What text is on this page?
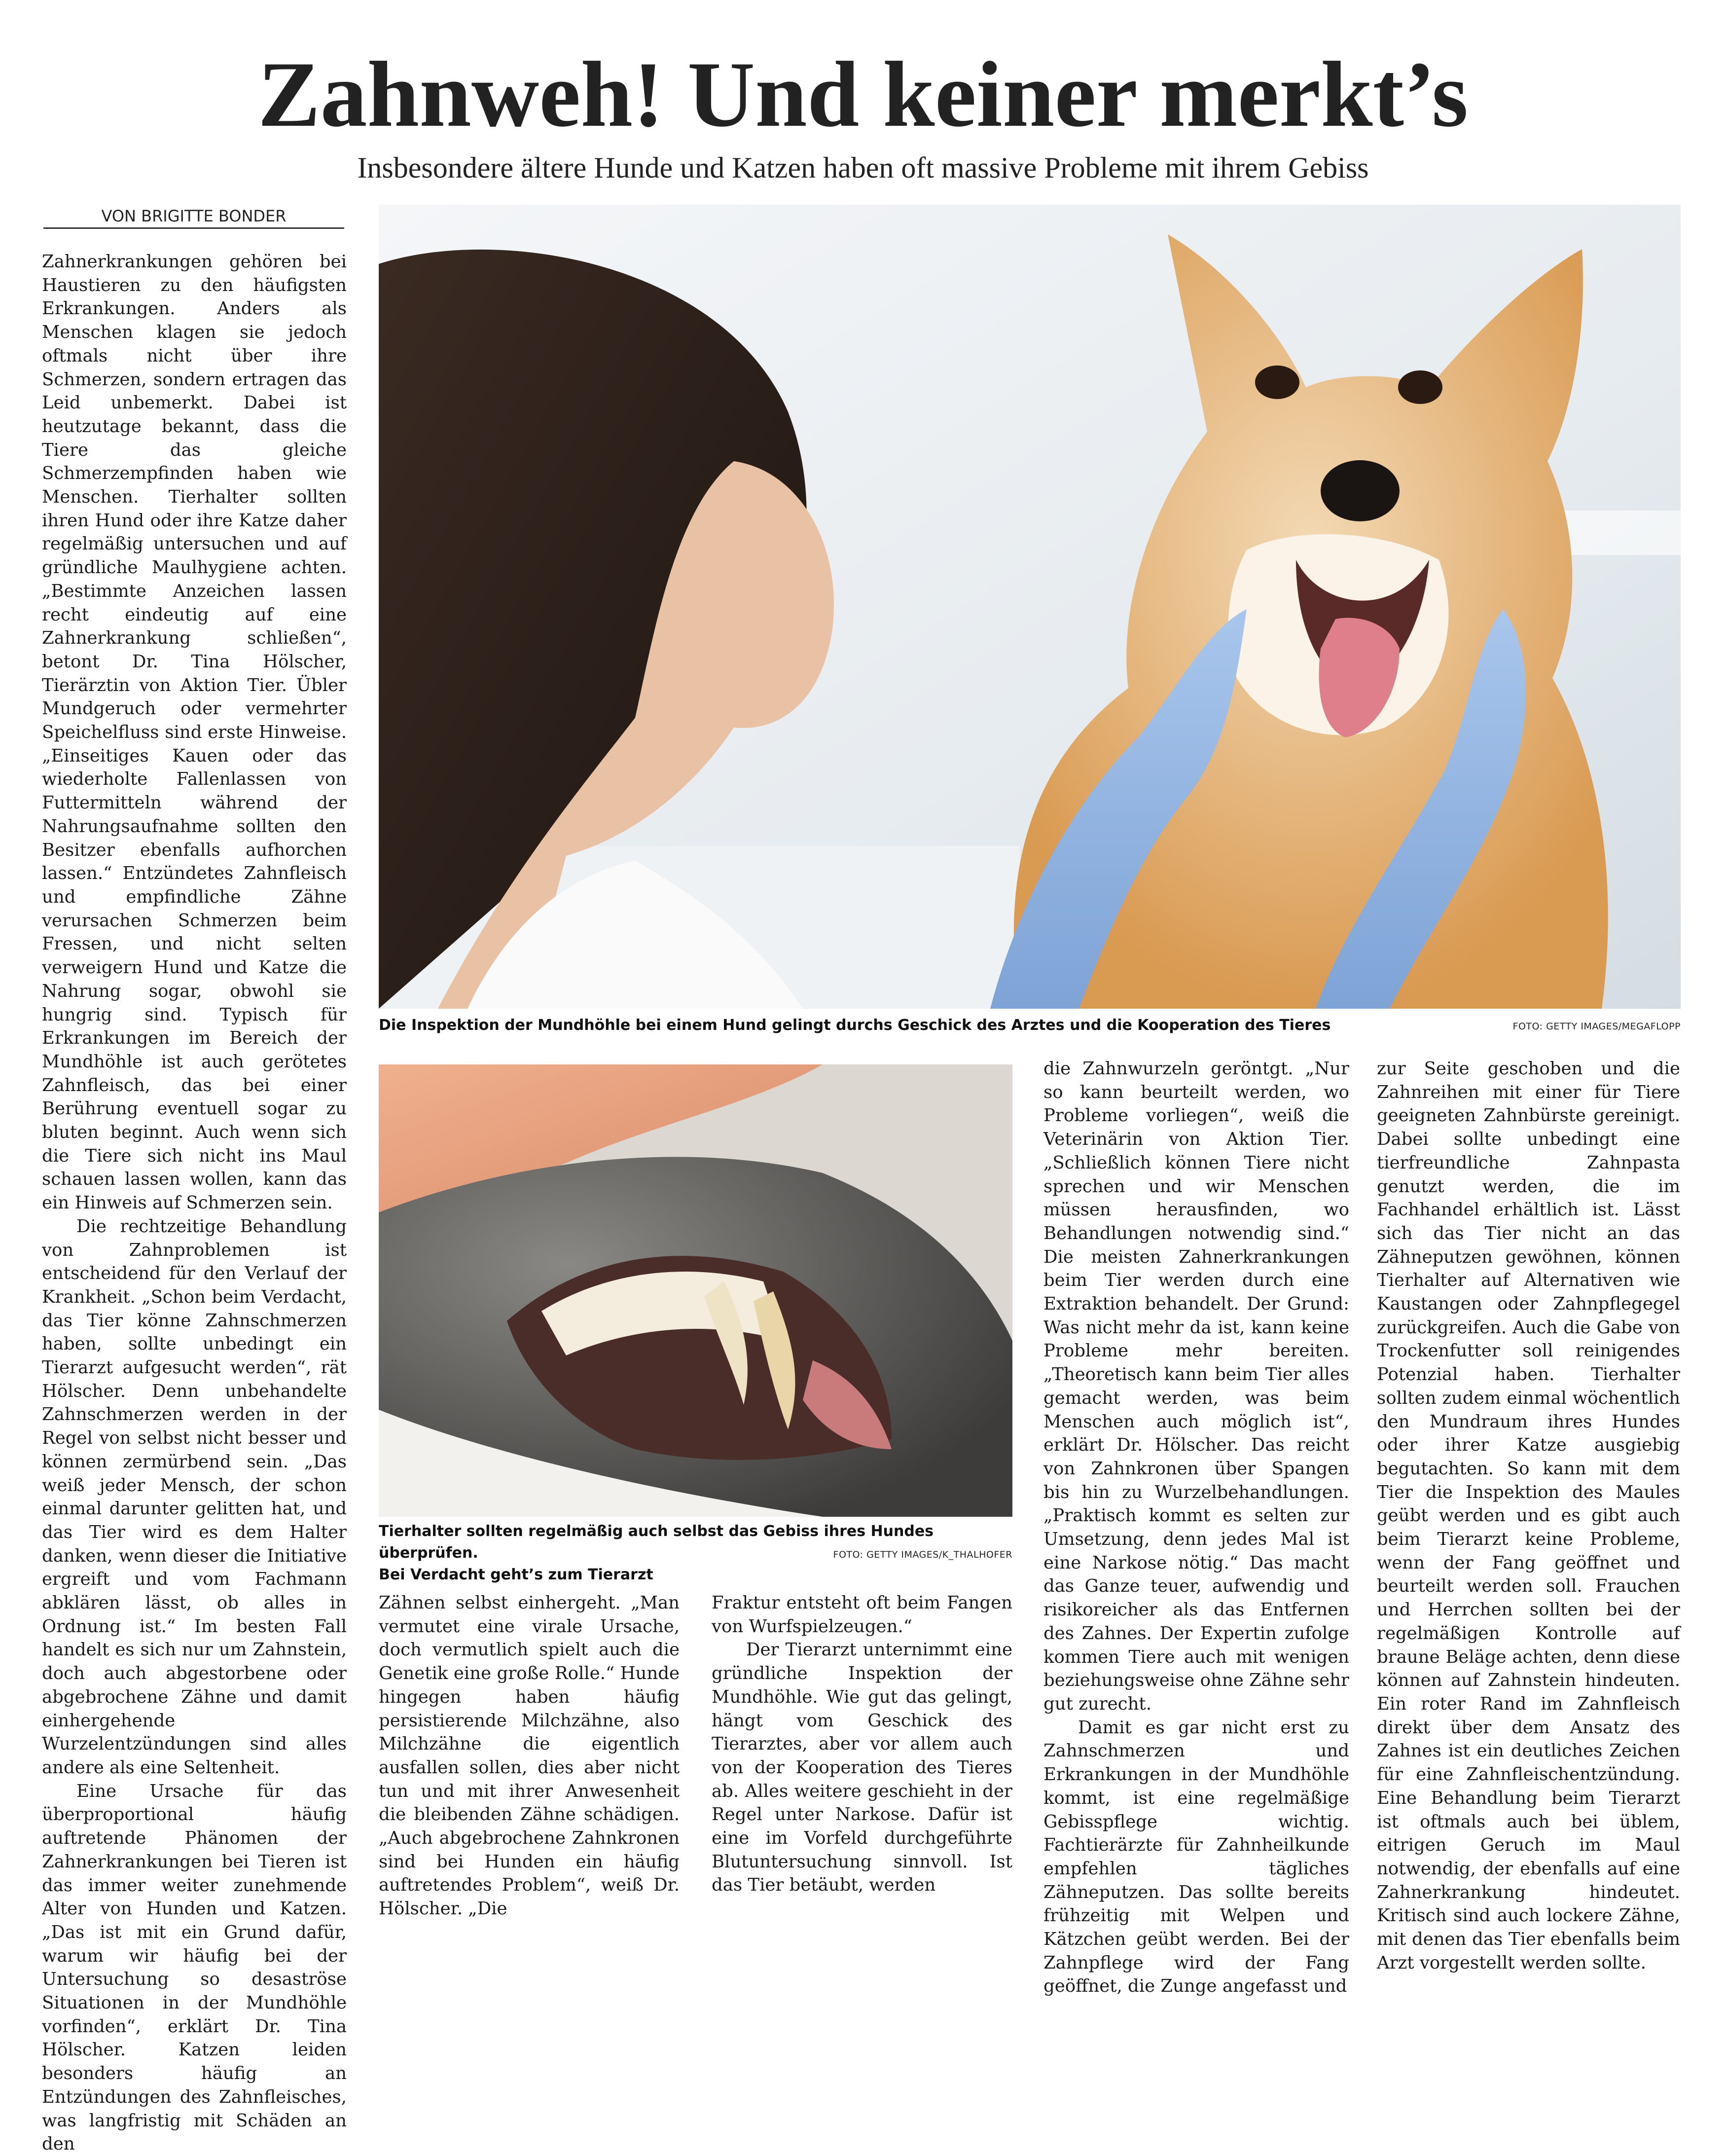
Zahnweh! Und keiner merkt’s
Insbesondere ältere Hunde und Katzen haben oft massive Probleme mit ihrem Gebiss
VON BRIGITTE BONDER

Zahnerkrankungen gehören bei Haustieren zu den häufigsten Erkrankungen. Anders als Menschen klagen sie jedoch oftmals nicht über ihre Schmerzen, sondern ertragen das Leid unbemerkt. Dabei ist heutzutage bekannt, dass die Tiere das gleiche Schmerzempfinden haben wie Menschen. Tierhalter sollten ihren Hund oder ihre Katze daher regelmäßig untersuchen und auf gründliche Maulhygiene achten. „Bestimmte Anzeichen lassen recht eindeutig auf eine Zahnerkrankung schließen“, betont Dr. Tina Hölscher, Tierärztin von Aktion Tier. Übler Mundgeruch oder vermehrter Speichelfluss sind erste Hinweise. „Einseitiges Kauen oder das wiederholte Fallenlassen von Futtermitteln während der Nahrungsaufnahme sollten den Besitzer ebenfalls aufhorchen lassen.“ Entzündetes Zahnfleisch und empfindliche Zähne verursachen Schmerzen beim Fressen, und nicht selten verweigern Hund und Katze die Nahrung sogar, obwohl sie hungrig sind. Typisch für Erkrankungen im Bereich der Mundhöhle ist auch gerötetes Zahnfleisch, das bei einer Berührung eventuell sogar zu bluten beginnt. Auch wenn sich die Tiere sich nicht ins Maul schauen lassen wollen, kann das ein Hinweis auf Schmerzen sein.

Die rechtzeitige Behandlung von Zahnproblemen ist entscheidend für den Verlauf der Krankheit. „Schon beim Verdacht, das Tier könne Zahnschmerzen haben, sollte unbedingt ein Tierarzt aufgesucht werden“, rät Hölscher. Denn unbehandelte Zahnschmerzen werden in der Regel von selbst nicht besser und können zermürbend sein. „Das weiß jeder Mensch, der schon einmal darunter gelitten hat, und das Tier wird es dem Halter danken, wenn dieser die Initiative ergreift und vom Fachmann abklären lässt, ob alles in Ordnung ist.“ Im besten Fall handelt es sich nur um Zahnstein, doch auch abgestorbene oder abgebrochene Zähne und damit einhergehende Wurzelentzündungen sind alles andere als eine Seltenheit.

Eine Ursache für das überproportional häufig auftretende Phänomen der Zahnerkrankungen bei Tieren ist das immer weiter zunehmende Alter von Hunden und Katzen. „Das ist mit ein Grund dafür, warum wir häufig bei der Untersuchung so desaströse Situationen in der Mundhöhle vorfinden“, erklärt Dr. Tina Hölscher. Katzen leiden besonders häufig an Entzündungen des Zahnfleisches, was langfristig mit Schäden an den

Die Inspektion der Mundhöhle bei einem Hund gelingt durchs Geschick des Arztes und die Kooperation des Tieres	FOTO: GETTY IMAGES/MEGAFLOPP
Tierhalter sollten regelmäßig auch selbst das Gebiss ihres Hundes überprüfen.
Bei Verdacht geht’s zum Tierarzt
FOTO: GETTY IMAGES/K_THALHOFER

Zähnen selbst einhergeht. „Man vermutet eine virale Ursache, doch vermutlich spielt auch die Genetik eine große Rolle.“ Hunde hingegen haben häufig persistierende Milchzähne, also Milchzähne die eigentlich ausfallen sollen, dies aber nicht tun und mit ihrer Anwesenheit die bleibenden Zähne schädigen. „Auch abgebrochene Zahnkronen sind bei Hunden ein häufig auftretendes Problem“, weiß Dr. Hölscher. „Die

Fraktur entsteht oft beim Fangen von Wurfspielzeugen.“

Der Tierarzt unternimmt eine gründliche Inspektion der Mundhöhle. Wie gut das gelingt, hängt vom Geschick des Tierarztes, aber vor allem auch von der Kooperation des Tieres ab. Alles weitere geschieht in der Regel unter Narkose. Dafür ist eine im Vorfeld durchgeführte Blutuntersuchung sinnvoll. Ist das Tier betäubt, werden

die Zahnwurzeln geröntgt. „Nur so kann beurteilt werden, wo Probleme vorliegen“, weiß die Veterinärin von Aktion Tier. „Schließlich können Tiere nicht sprechen und wir Menschen müssen herausfinden, wo Behandlungen notwendig sind.“ Die meisten Zahnerkrankungen beim Tier werden durch eine Extraktion behandelt. Der Grund: Was nicht mehr da ist, kann keine Probleme mehr bereiten. „Theoretisch kann beim Tier alles gemacht werden, was beim Menschen auch möglich ist“, erklärt Dr. Hölscher. Das reicht von Zahnkronen über Spangen bis hin zu Wurzelbehandlungen. „Praktisch kommt es selten zur Umsetzung, denn jedes Mal ist eine Narkose nötig.“ Das macht das Ganze teuer, aufwendig und risikoreicher als das Entfernen des Zahnes. Der Expertin zufolge kommen Tiere auch mit wenigen beziehungsweise ohne Zähne sehr gut zurecht.

Damit es gar nicht erst zu Zahnschmerzen und Erkrankungen in der Mundhöhle kommt, ist eine regelmäßige Gebisspflege wichtig. Fachtierärzte für Zahnheilkunde empfehlen tägliches Zähneputzen. Das sollte bereits frühzeitig mit Welpen und Kätzchen geübt werden. Bei der Zahnpflege wird der Fang geöffnet, die Zunge angefasst und

zur Seite geschoben und die Zahnreihen mit einer für Tiere geeigneten Zahnbürste gereinigt. Dabei sollte unbedingt eine tierfreundliche Zahnpasta genutzt werden, die im Fachhandel erhältlich ist. Lässt sich das Tier nicht an das Zähneputzen gewöhnen, können Tierhalter auf Alternativen wie Kaustangen oder Zahnpflegegel zurückgreifen. Auch die Gabe von Trockenfutter soll reinigendes Potenzial haben. Tierhalter sollten zudem einmal wöchentlich den Mundraum ihres Hundes oder ihrer Katze ausgiebig begutachten. So kann mit dem Tier die Inspektion des Maules geübt werden und es gibt auch beim Tierarzt keine Probleme, wenn der Fang geöffnet und beurteilt werden soll. Frauchen und Herrchen sollten bei der regelmäßigen Kontrolle auf braune Beläge achten, denn diese können auf Zahnstein hindeuten. Ein roter Rand im Zahnfleisch direkt über dem Ansatz des Zahnes ist ein deutliches Zeichen für eine Zahnfleischentzündung. Eine Behandlung beim Tierarzt ist oftmals auch bei üblem, eitrigen Geruch im Maul notwendig, der ebenfalls auf eine Zahnerkrankung hindeutet. Kritisch sind auch lockere Zähne, mit denen das Tier ebenfalls beim Arzt vorgestellt werden sollte.
